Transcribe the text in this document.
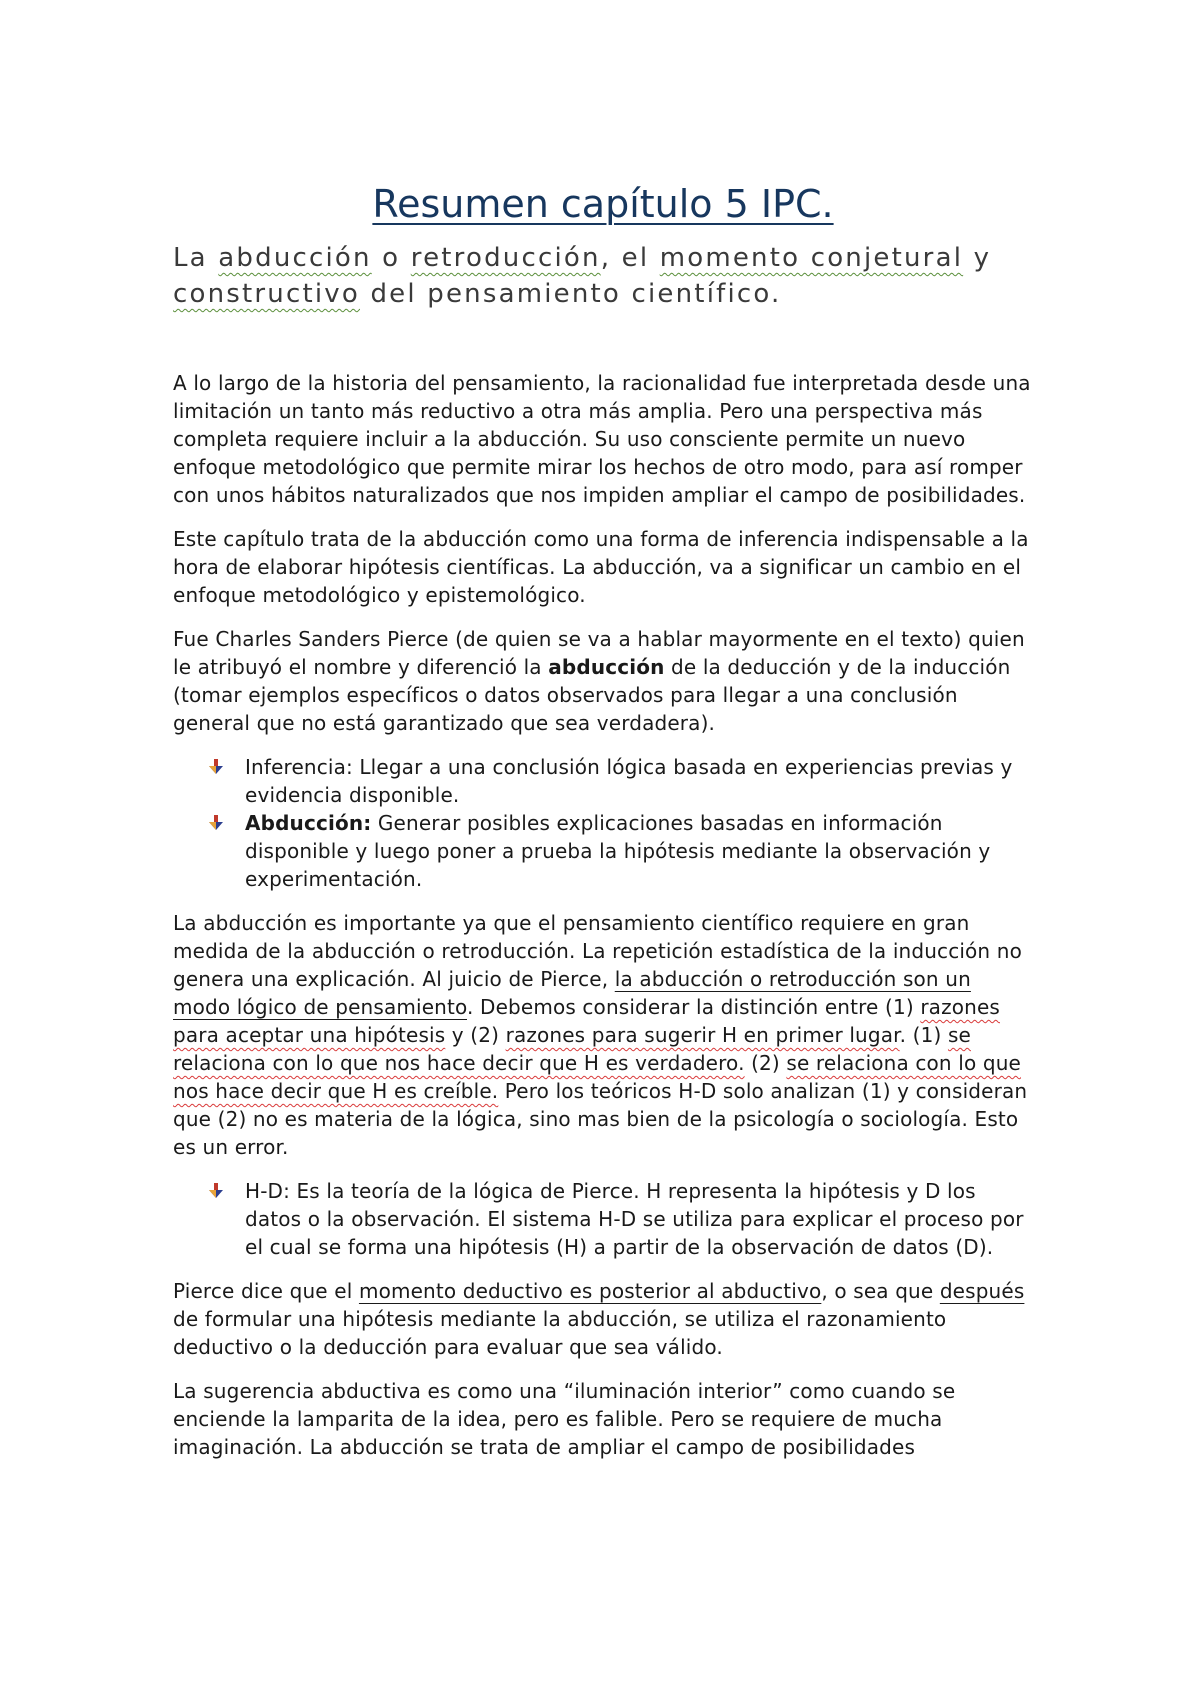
Resumen capítulo 5 IPC.
La abducción o retroducción, el momento conjetural y constructivo del pensamiento científico.

A lo largo de la historia del pensamiento, la racionalidad fue interpretada desde una limitación un tanto más reductivo a otra más amplia. Pero una perspectiva más completa requiere incluir a la abducción. Su uso consciente permite un nuevo enfoque metodológico que permite mirar los hechos de otro modo, para así romper con unos hábitos naturalizados que nos impiden ampliar el campo de posibilidades.

Este capítulo trata de la abducción como una forma de inferencia indispensable a la hora de elaborar hipótesis científicas. La abducción, va a significar un cambio en el enfoque metodológico y epistemológico.

Fue Charles Sanders Pierce (de quien se va a hablar mayormente en el texto) quien le atribuyó el nombre y diferenció la abducción de la deducción y de la inducción (tomar ejemplos específicos o datos observados para llegar a una conclusión general que no está garantizado que sea verdadera).

Inferencia: Llegar a una conclusión lógica basada en experiencias previas y evidencia disponible.
Abducción: Generar posibles explicaciones basadas en información disponible y luego poner a prueba la hipótesis mediante la observación y experimentación.

La abducción es importante ya que el pensamiento científico requiere en gran medida de la abducción o retroducción. La repetición estadística de la inducción no genera una explicación. Al juicio de Pierce, la abducción o retroducción son un modo lógico de pensamiento. Debemos considerar la distinción entre (1) razones para aceptar una hipótesis y (2) razones para sugerir H en primer lugar. (1) se relaciona con lo que nos hace decir que H es verdadero. (2) se relaciona con lo que nos hace decir que H es creíble. Pero los teóricos H-D solo analizan (1) y consideran que (2) no es materia de la lógica, sino mas bien de la psicología o sociología. Esto es un error.

H-D: Es la teoría de la lógica de Pierce. H representa la hipótesis y D los datos o la observación. El sistema H-D se utiliza para explicar el proceso por el cual se forma una hipótesis (H) a partir de la observación de datos (D).

Pierce dice que el momento deductivo es posterior al abductivo, o sea que después de formular una hipótesis mediante la abducción, se utiliza el razonamiento deductivo o la deducción para evaluar que sea válido.

La sugerencia abductiva es como una “iluminación interior” como cuando se enciende la lamparita de la idea, pero es falible. Pero se requiere de mucha imaginación. La abducción se trata de ampliar el campo de posibilidades
